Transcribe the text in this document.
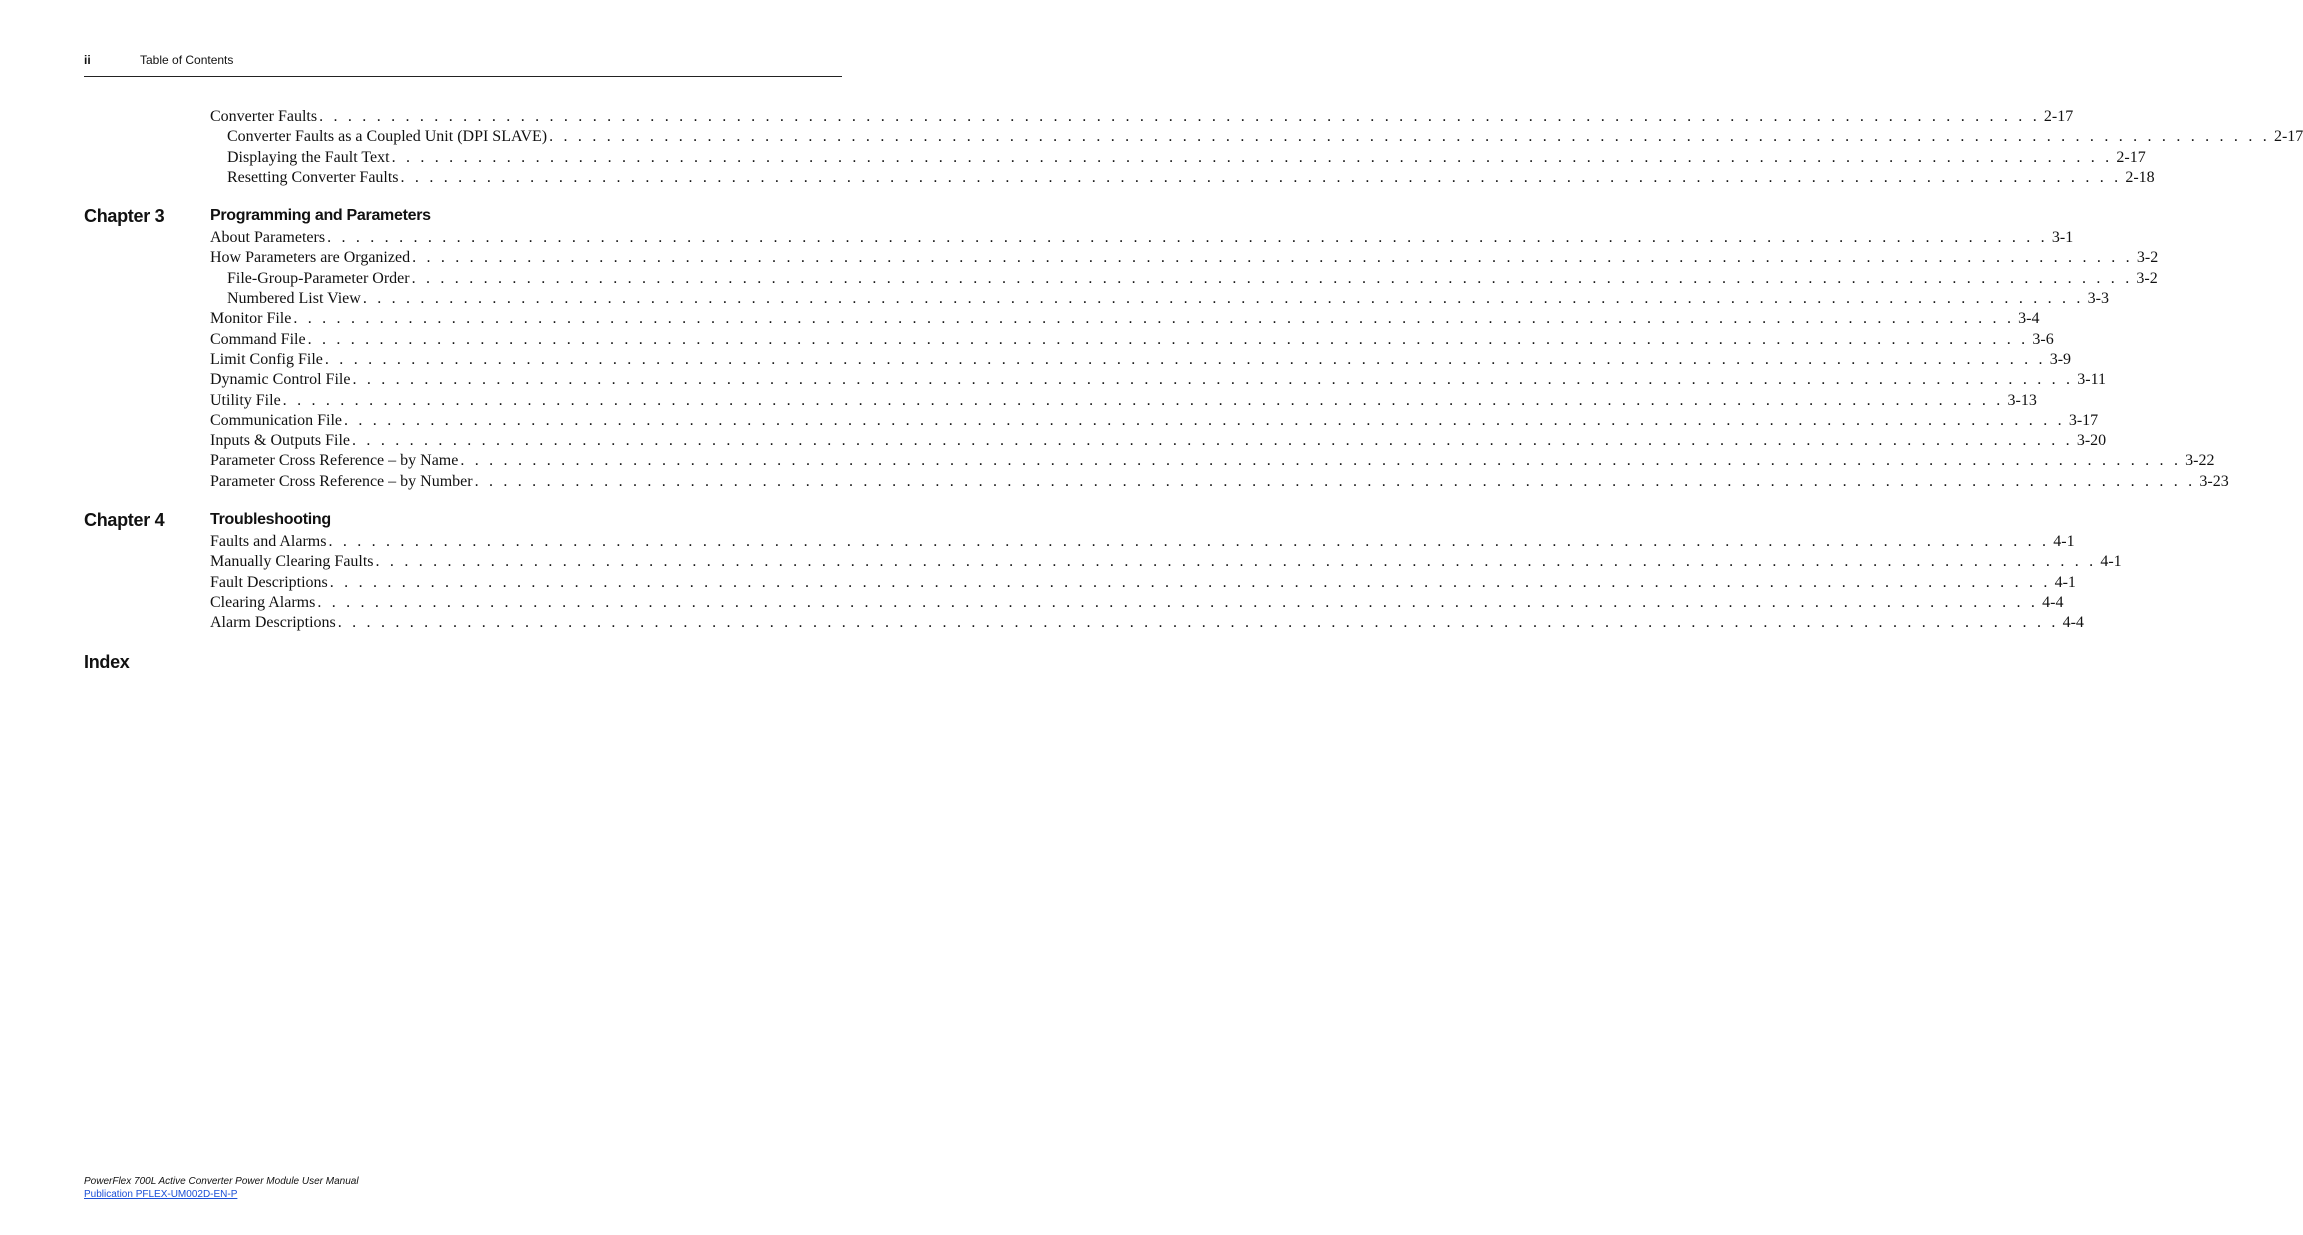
ii	Table of Contents
Converter Faults . . . . . . . . . . . . . . . . . . . . . . . . . . . . . . . . . . . . . . . . . . . . . . . . . . . . . . . . . . . . . . . . . . . . . . . . . . . . . . . . . . . . . . . . . . . . . . . . . . . . . . . . . . . . . . . . . . . . . . . . 2-17
Converter Faults as a Coupled Unit (DPI SLAVE) . . . . . . . . . . . . . . . . . . . . . . . . . . . . . . . . . . . . . . . . . . . . . . . . . . . . . . . . . . . . . . . . . . . . . . . . . . . . . . . . . . . . . . . . . . . . . . . . . . . . . . . . . . . . . . . . . . . . . . . . 2-17
Displaying the Fault Text . . . . . . . . . . . . . . . . . . . . . . . . . . . . . . . . . . . . . . . . . . . . . . . . . . . . . . . . . . . . . . . . . . . . . . . . . . . . . . . . . . . . . . . . . . . . . . . . . . . . . . . . . . . . . . . . . . . . . . . . 2-17
Resetting Converter Faults . . . . . . . . . . . . . . . . . . . . . . . . . . . . . . . . . . . . . . . . . . . . . . . . . . . . . . . . . . . . . . . . . . . . . . . . . . . . . . . . . . . . . . . . . . . . . . . . . . . . . . . . . . . . . . . . . . . . . . . . 2-18
Chapter 3	Programming and Parameters
About Parameters . . . . . . . . . . . . . . . . . . . . . . . . . . . . . . . . . . . . . . . . . . . . . . . . . . . . . . . . . . . . . . . . . . . . . . . . . . . . . . . . . . . . . . . . . . . . . . . . . . . . . . . . . . . . . . . . . . . . . . . . 3-1
How Parameters are Organized . . . . . . . . . . . . . . . . . . . . . . . . . . . . . . . . . . . . . . . . . . . . . . . . . . . . . . . . . . . . . . . . . . . . . . . . . . . . . . . . . . . . . . . . . . . . . . . . . . . . . . . . . . . . . . . . . . . . . . . . 3-2
File-Group-Parameter Order . . . . . . . . . . . . . . . . . . . . . . . . . . . . . . . . . . . . . . . . . . . . . . . . . . . . . . . . . . . . . . . . . . . . . . . . . . . . . . . . . . . . . . . . . . . . . . . . . . . . . . . . . . . . . . . . . . . . . . . . 3-2
Numbered List View . . . . . . . . . . . . . . . . . . . . . . . . . . . . . . . . . . . . . . . . . . . . . . . . . . . . . . . . . . . . . . . . . . . . . . . . . . . . . . . . . . . . . . . . . . . . . . . . . . . . . . . . . . . . . . . . . . . . . . . . 3-3
Monitor File . . . . . . . . . . . . . . . . . . . . . . . . . . . . . . . . . . . . . . . . . . . . . . . . . . . . . . . . . . . . . . . . . . . . . . . . . . . . . . . . . . . . . . . . . . . . . . . . . . . . . . . . . . . . . . . . . . . . . . . . 3-4
Command File . . . . . . . . . . . . . . . . . . . . . . . . . . . . . . . . . . . . . . . . . . . . . . . . . . . . . . . . . . . . . . . . . . . . . . . . . . . . . . . . . . . . . . . . . . . . . . . . . . . . . . . . . . . . . . . . . . . . . . . . 3-6
Limit Config File . . . . . . . . . . . . . . . . . . . . . . . . . . . . . . . . . . . . . . . . . . . . . . . . . . . . . . . . . . . . . . . . . . . . . . . . . . . . . . . . . . . . . . . . . . . . . . . . . . . . . . . . . . . . . . . . . . . . . . . . 3-9
Dynamic Control File . . . . . . . . . . . . . . . . . . . . . . . . . . . . . . . . . . . . . . . . . . . . . . . . . . . . . . . . . . . . . . . . . . . . . . . . . . . . . . . . . . . . . . . . . . . . . . . . . . . . . . . . . . . . . . . . . . . . . . . . 3-11
Utility File . . . . . . . . . . . . . . . . . . . . . . . . . . . . . . . . . . . . . . . . . . . . . . . . . . . . . . . . . . . . . . . . . . . . . . . . . . . . . . . . . . . . . . . . . . . . . . . . . . . . . . . . . . . . . . . . . . . . . . . . 3-13
Communication File . . . . . . . . . . . . . . . . . . . . . . . . . . . . . . . . . . . . . . . . . . . . . . . . . . . . . . . . . . . . . . . . . . . . . . . . . . . . . . . . . . . . . . . . . . . . . . . . . . . . . . . . . . . . . . . . . . . . . . . . 3-17
Inputs & Outputs File . . . . . . . . . . . . . . . . . . . . . . . . . . . . . . . . . . . . . . . . . . . . . . . . . . . . . . . . . . . . . . . . . . . . . . . . . . . . . . . . . . . . . . . . . . . . . . . . . . . . . . . . . . . . . . . . . . . . . . . . 3-20
Parameter Cross Reference – by Name . . . . . . . . . . . . . . . . . . . . . . . . . . . . . . . . . . . . . . . . . . . . . . . . . . . . . . . . . . . . . . . . . . . . . . . . . . . . . . . . . . . . . . . . . . . . . . . . . . . . . . . . . . . . . . . . . . . . . . . . 3-22
Parameter Cross Reference – by Number . . . . . . . . . . . . . . . . . . . . . . . . . . . . . . . . . . . . . . . . . . . . . . . . . . . . . . . . . . . . . . . . . . . . . . . . . . . . . . . . . . . . . . . . . . . . . . . . . . . . . . . . . . . . . . . . . . . . . . . . 3-23
Chapter 4	Troubleshooting
Faults and Alarms . . . . . . . . . . . . . . . . . . . . . . . . . . . . . . . . . . . . . . . . . . . . . . . . . . . . . . . . . . . . . . . . . . . . . . . . . . . . . . . . . . . . . . . . . . . . . . . . . . . . . . . . . . . . . . . . . . . . . . . . 4-1
Manually Clearing Faults . . . . . . . . . . . . . . . . . . . . . . . . . . . . . . . . . . . . . . . . . . . . . . . . . . . . . . . . . . . . . . . . . . . . . . . . . . . . . . . . . . . . . . . . . . . . . . . . . . . . . . . . . . . . . . . . . . . . . . . . 4-1
Fault Descriptions . . . . . . . . . . . . . . . . . . . . . . . . . . . . . . . . . . . . . . . . . . . . . . . . . . . . . . . . . . . . . . . . . . . . . . . . . . . . . . . . . . . . . . . . . . . . . . . . . . . . . . . . . . . . . . . . . . . . . . . . 4-1
Clearing Alarms . . . . . . . . . . . . . . . . . . . . . . . . . . . . . . . . . . . . . . . . . . . . . . . . . . . . . . . . . . . . . . . . . . . . . . . . . . . . . . . . . . . . . . . . . . . . . . . . . . . . . . . . . . . . . . . . . . . . . . . . 4-4
Alarm Descriptions . . . . . . . . . . . . . . . . . . . . . . . . . . . . . . . . . . . . . . . . . . . . . . . . . . . . . . . . . . . . . . . . . . . . . . . . . . . . . . . . . . . . . . . . . . . . . . . . . . . . . . . . . . . . . . . . . . . . . . . . 4-4
Index
PowerFlex 700L Active Converter Power Module User Manual
Publication PFLEX-UM002D-EN-P
